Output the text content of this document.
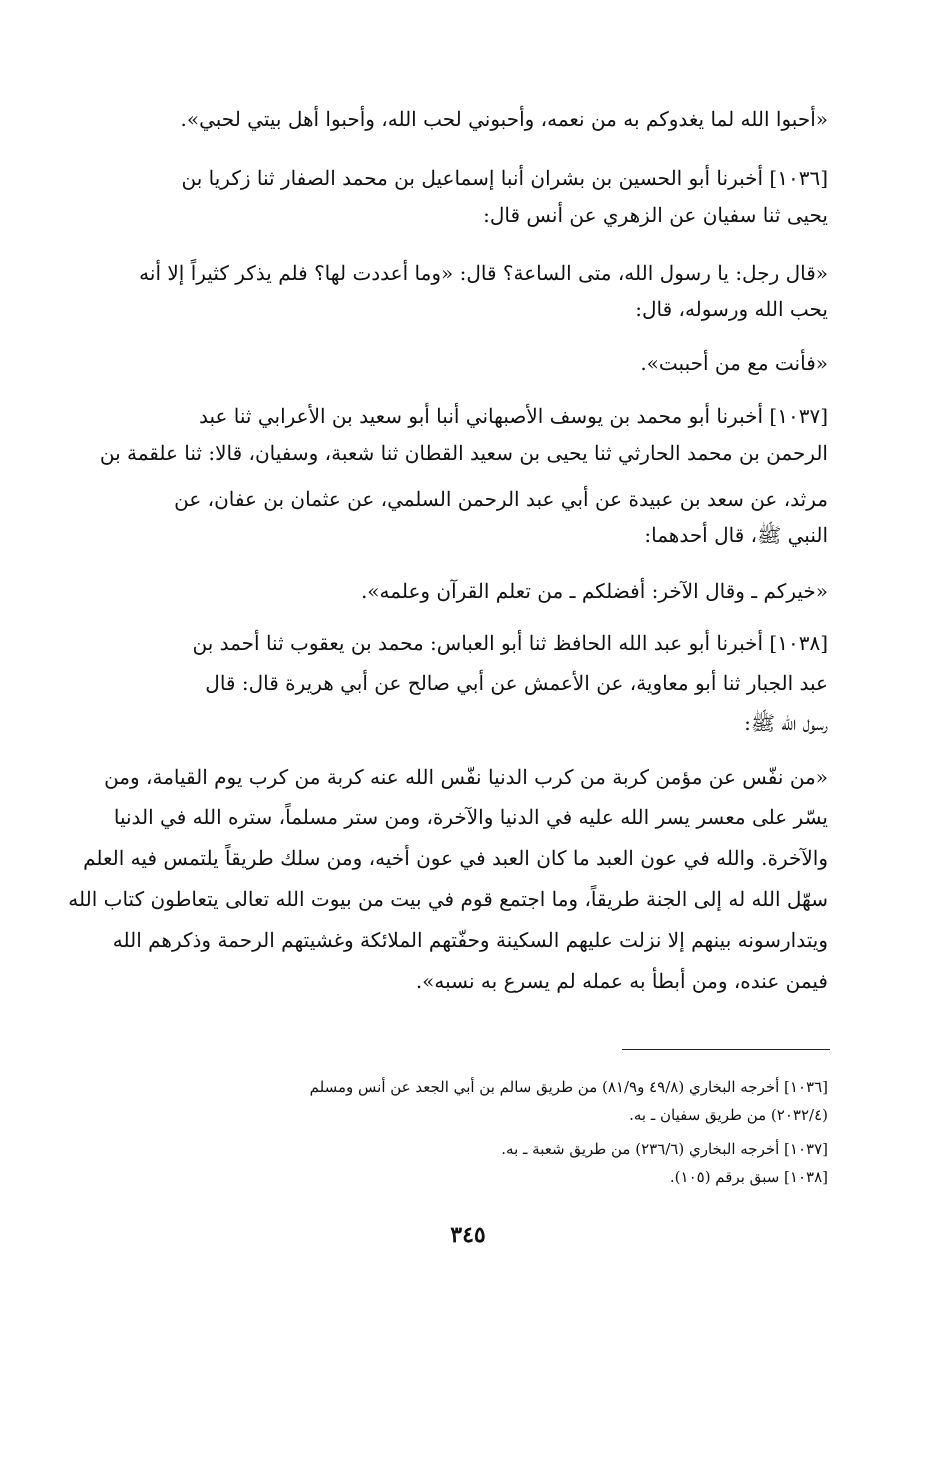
«أحبوا الله لما يغدوكم به من نعمه، وأحبوني لحب الله، وأحبوا أهل بيتي لحبي».
[١٠٣٦] أخبرنا أبو الحسين بن بشران أنبا إسماعيل بن محمد الصفار ثنا زكريا بن
يحيى ثنا سفيان عن الزهري عن أنس قال:
«قال رجل: يا رسول الله، متى الساعة؟ قال: «وما أعددت لها؟ فلم يذكر كثيراً إلا أنه
يحب الله ورسوله، قال:
«فأنت مع من أحببت».
[١٠٣٧] أخبرنا أبو محمد بن يوسف الأصبهاني أنبا أبو سعيد بن الأعرابي ثنا عبد
الرحمن بن محمد الحارثي ثنا يحيى بن سعيد القطان ثنا شعبة، وسفيان، قالا: ثنا علقمة بن
مرثد، عن سعد بن عبيدة عن أبي عبد الرحمن السلمي، عن عثمان بن عفان، عن
النبي ﷺ، قال أحدهما:
«خيركم ـ وقال الآخر: أفضلكم ـ من تعلم القرآن وعلمه».
[١٠٣٨] أخبرنا أبو عبد الله الحافظ ثنا أبو العباس: محمد بن يعقوب ثنا أحمد بن
عبد الجبار ثنا أبو معاوية، عن الأعمش عن أبي صالح عن أبي هريرة قال: قال
رسول الله ﷺ:
«من نفّس عن مؤمن كربة من كرب الدنيا نفّس الله عنه كربة من كرب يوم القيامة، ومن
يسّر على معسر يسر الله عليه في الدنيا والآخرة، ومن ستر مسلماً، ستره الله في الدنيا
والآخرة. والله في عون العبد ما كان العبد في عون أخيه، ومن سلك طريقاً يلتمس فيه العلم
سهّل الله له إلى الجنة طريقاً، وما اجتمع قوم في بيت من بيوت الله تعالى يتعاطون كتاب الله
ويتدارسونه بينهم إلا نزلت عليهم السكينة وحفّتهم الملائكة وغشيتهم الرحمة وذكرهم الله
فيمن عنده، ومن أبطأ به عمله لم يسرع به نسبه».
[١٠٣٦] أخرجه البخاري (٤٩/٨ و٨١/٩) من طريق سالم بن أبي الجعد عن أنس ومسلم
(٢٠٣٢/٤) من طريق سفيان ـ به.
[١٠٣٧] أخرجه البخاري (٢٣٦/٦) من طريق شعبة ـ به.
[١٠٣٨] سبق برقم (١٠٥).
٣٤٥
